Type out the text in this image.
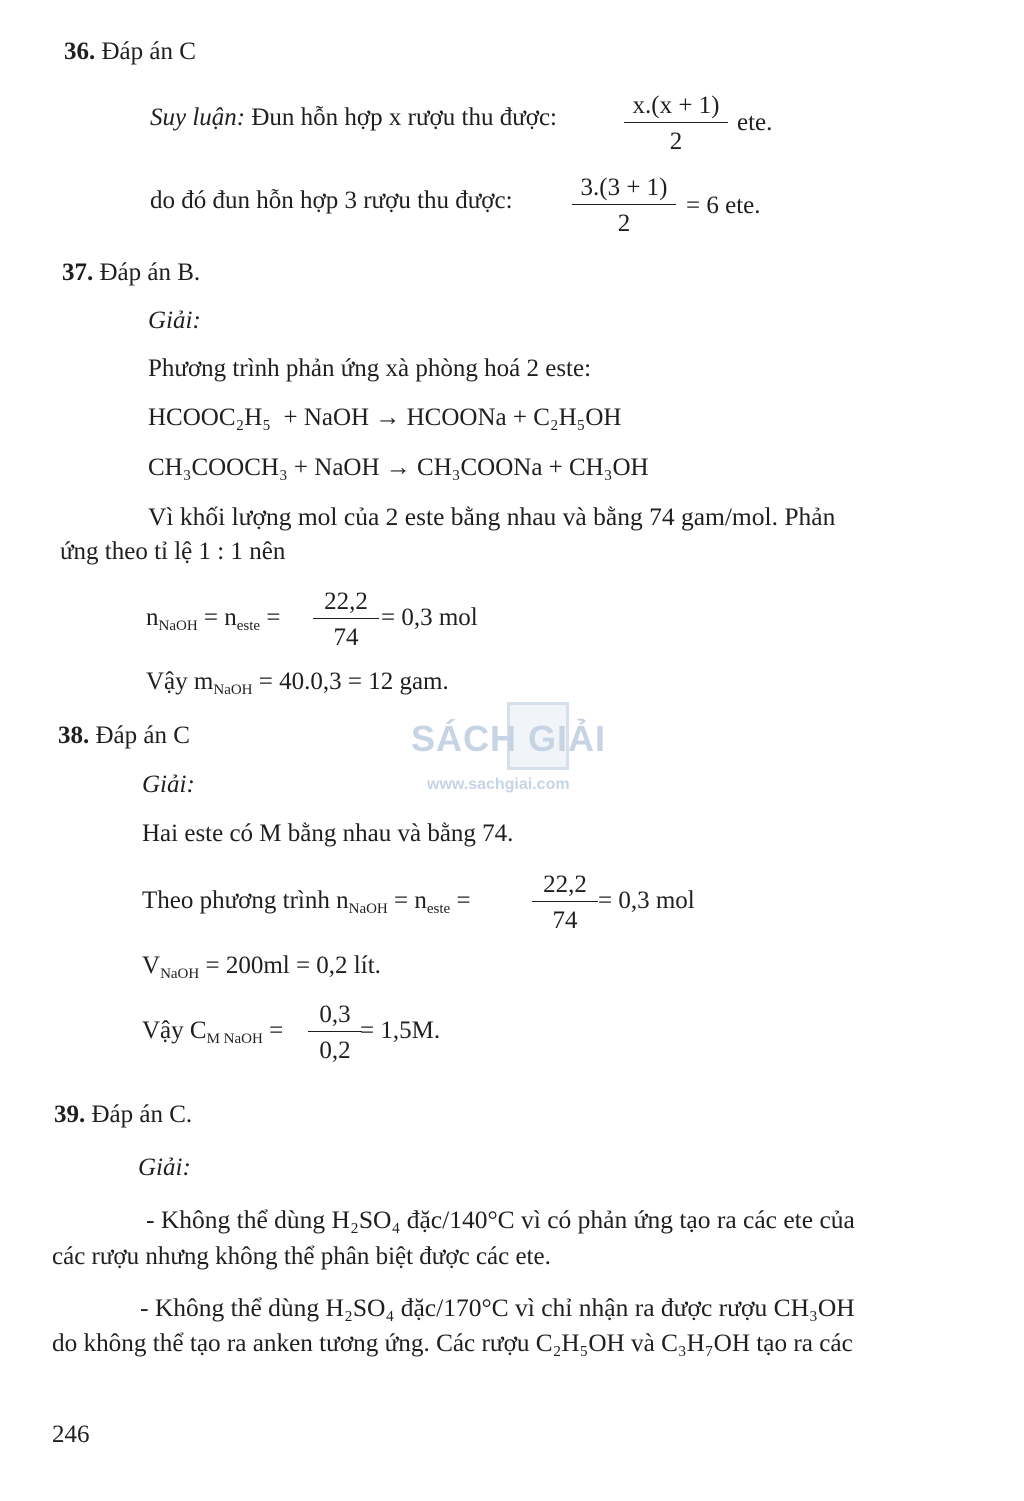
36. Đáp án C
Suy luận: Đun hỗn hợp x rượu thu được:	x.(x + 1)
2
ete.
do đó đun hỗn hợp 3 rượu thu được:	3.(3 + 1)
2
= 6 ete.
37. Đáp án B.
Giải:
Phương trình phản ứng xà phòng hoá 2 este:
HCOOC₂H₅  + NaOH → HCOONa + C₂H₅OH
CH₃COOCH₃ + NaOH → CH₃COONa + CH₃OH
Vì khối lượng mol của 2 este bằng nhau và bằng 74 gam/mol. Phản
ứng theo tỉ lệ 1 : 1 nên
$n_{NaOH} = n_{este}$ =
22,2
74
= 0,3 mol
Vậy $m_{NaOH} = 40.0,3 = 12$ gam.
38. Đáp án C
Giải:
Hai este có M bằng nhau và bằng 74.
Theo phương trình $n_{NaOH} = n_{este}$ =
22,2
74
= 0,3 mol
$V_{NaOH} = 200ml = 0,2$ lít.
Vậy $C_{M NaOH}$ =
0,3
0,2
= 1,5M.
39. Đáp án C.
Giải:
- Không thể dùng H₂SO₄ đặc/140°C vì có phản ứng tạo ra các ete của
các rượu nhưng không thể phân biệt được các ete.
- Không thể dùng H₂SO₄ đặc/170°C vì chỉ nhận ra được rượu CH₃OH
do không thể tạo ra anken tương ứng. Các rượu C₂H₅OH và C₃H₇OH tạo ra các
SÁCH GIẢI
www.sachgiai.com
246
